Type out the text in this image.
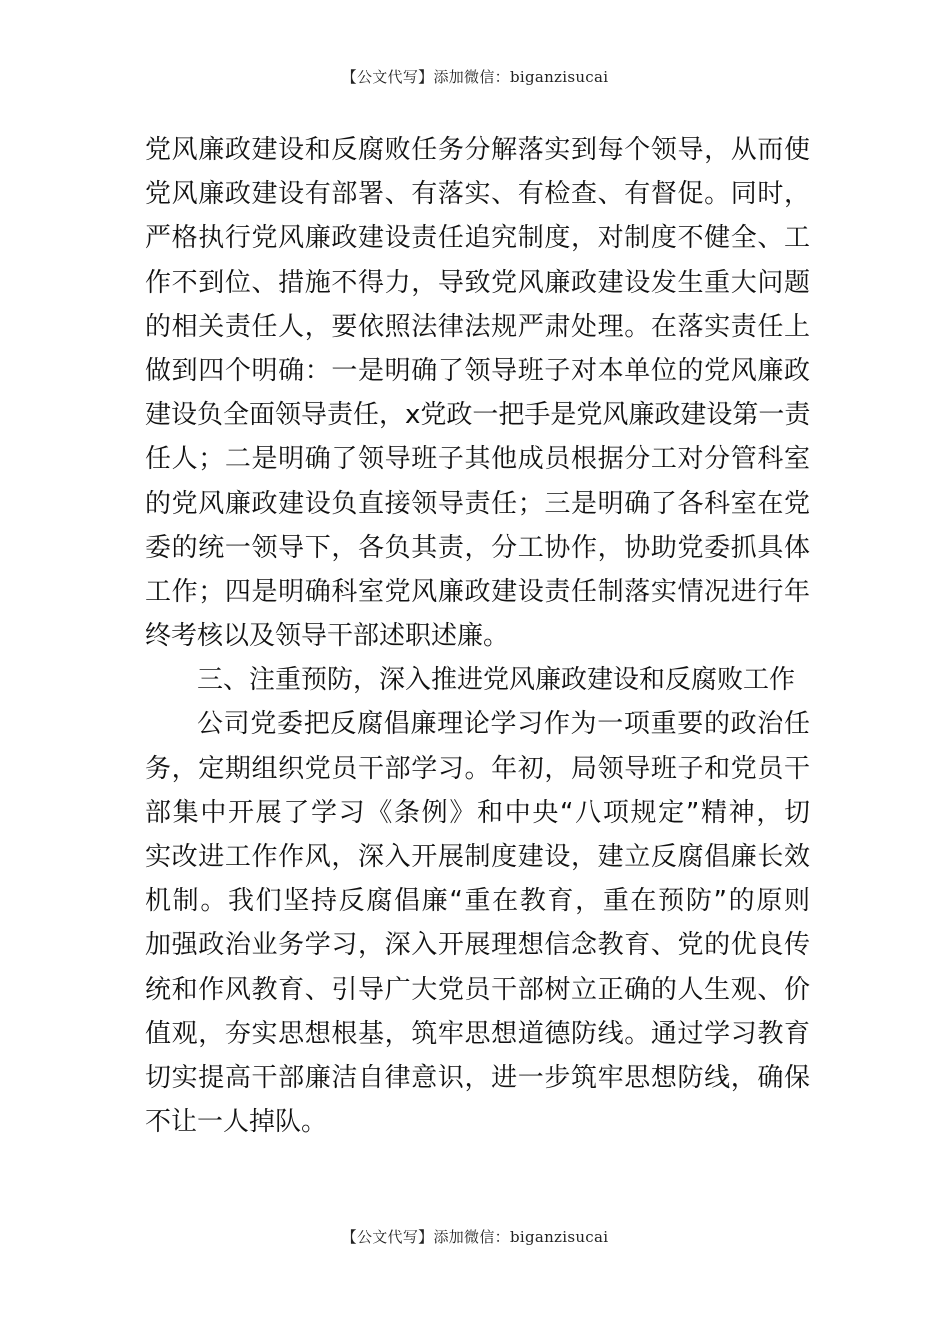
【公文代写】添加微信：biganzisucai
党风廉政建设和反腐败任务分解落实到每个领导，从而使
党风廉政建设有部署、有落实、有检查、有督促。同时，
严格执行党风廉政建设责任追究制度，对制度不健全、工
作不到位、措施不得力，导致党风廉政建设发生重大问题
的相关责任人，要依照法律法规严肃处理。在落实责任上
做到四个明确：一是明确了领导班子对本单位的党风廉政
建设负全面领导责任，x党政一把手是党风廉政建设第一责
任人；二是明确了领导班子其他成员根据分工对分管科室
的党风廉政建设负直接领导责任；三是明确了各科室在党
委的统一领导下，各负其责，分工协作，协助党委抓具体
工作；四是明确科室党风廉政建设责任制落实情况进行年
终考核以及领导干部述职述廉。
三、注重预防，深入推进党风廉政建设和反腐败工作
公司党委把反腐倡廉理论学习作为一项重要的政治任
务，定期组织党员干部学习。年初，局领导班子和党员干
部集中开展了学习《条例》和中央“八项规定”精神，切
实改进工作作风，深入开展制度建设，建立反腐倡廉长效
机制。我们坚持反腐倡廉“重在教育，重在预防”的原则
加强政治业务学习，深入开展理想信念教育、党的优良传
统和作风教育、引导广大党员干部树立正确的人生观、价
值观，夯实思想根基，筑牢思想道德防线。通过学习教育
切实提高干部廉洁自律意识，进一步筑牢思想防线，确保
不让一人掉队。
【公文代写】添加微信：biganzisucai
